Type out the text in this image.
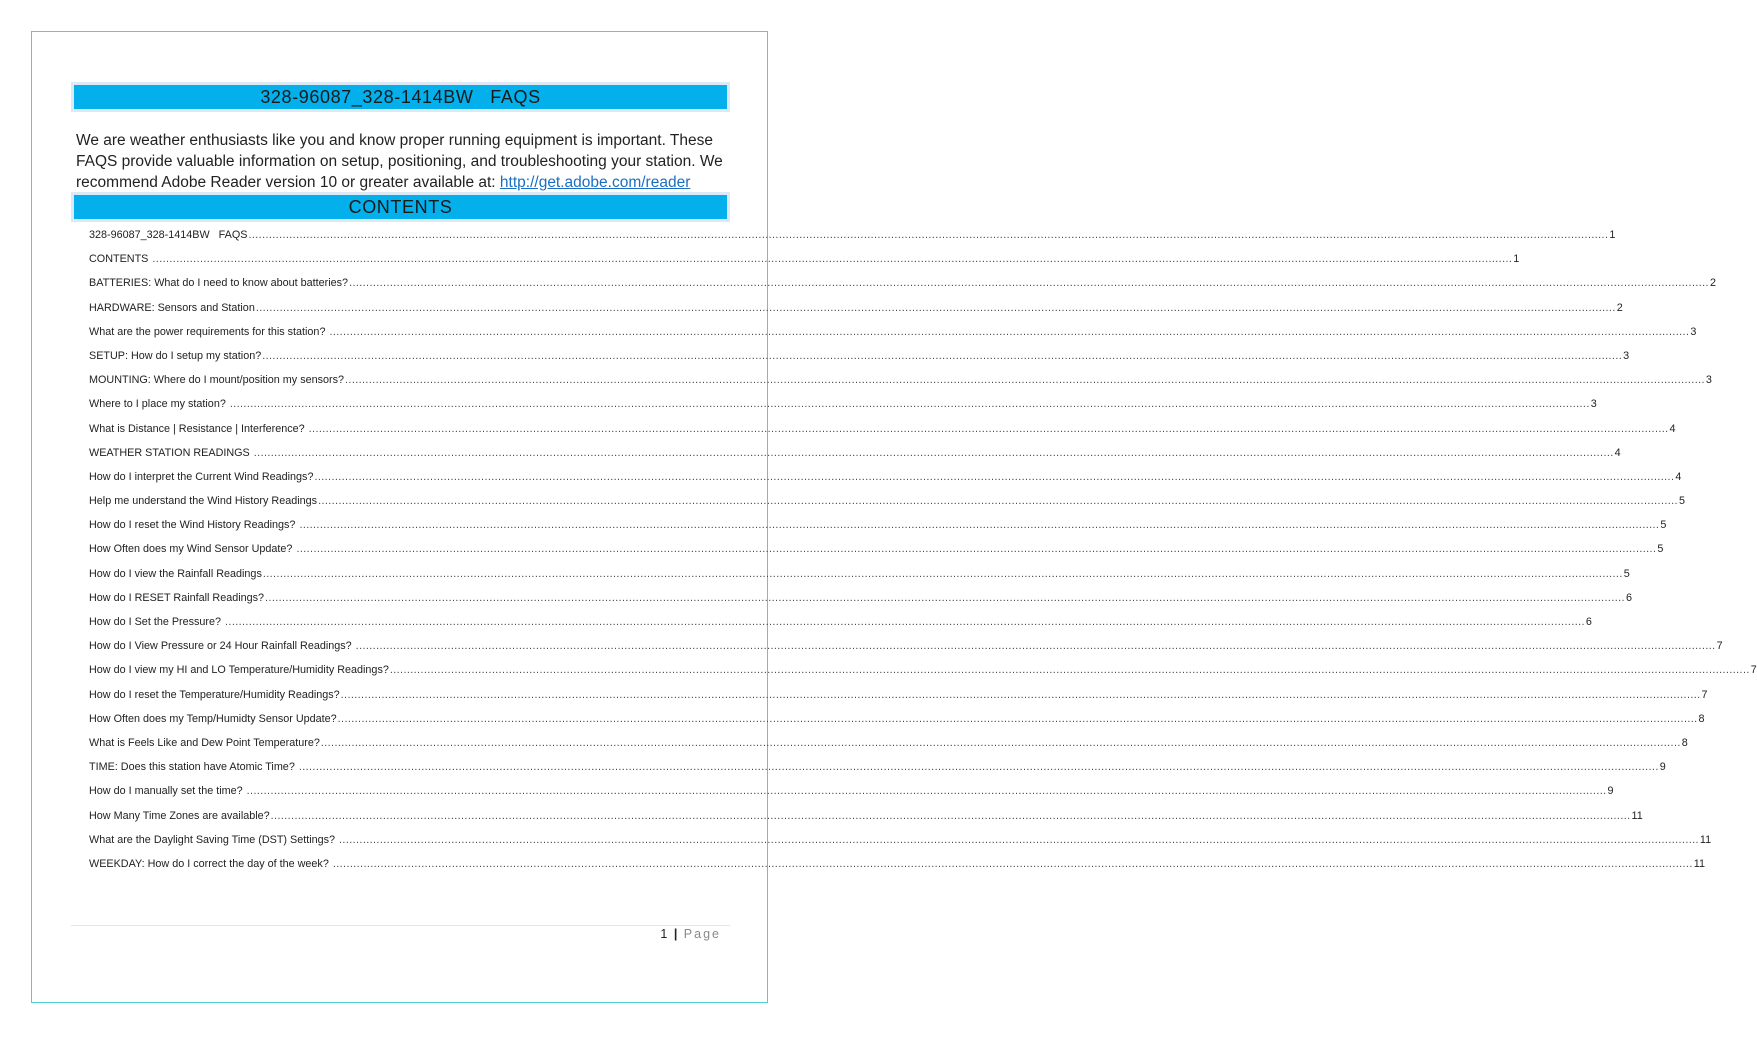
328-96087_328-1414BW   FAQS
We are weather enthusiasts like you and know proper running equipment is important. These FAQS provide valuable information on setup, positioning, and troubleshooting your station. We recommend Adobe Reader version 10 or greater available at: http://get.adobe.com/reader
CONTENTS
328-96087_328-1414BW   FAQS ................................................................................................................................................................................................................................................................................................................................................................................................................ 1
CONTENTS ................................................................................................................................................................................................................................................................................................................................................................................................................ 1
BATTERIES: What do I need to know about batteries? ................................................................................................................................................................................................................................................................................................................................................................................................................ 2
HARDWARE: Sensors and Station ................................................................................................................................................................................................................................................................................................................................................................................................................ 2
What are the power requirements for this station? ................................................................................................................................................................................................................................................................................................................................................................................................................ 3
SETUP: How do I setup my station? ................................................................................................................................................................................................................................................................................................................................................................................................................ 3
MOUNTING: Where do I mount/position my sensors? ................................................................................................................................................................................................................................................................................................................................................................................................................ 3
Where to I place my station? ................................................................................................................................................................................................................................................................................................................................................................................................................ 3
What is Distance | Resistance | Interference? ................................................................................................................................................................................................................................................................................................................................................................................................................ 4
WEATHER STATION READINGS ................................................................................................................................................................................................................................................................................................................................................................................................................ 4
How do I interpret the Current Wind Readings? ................................................................................................................................................................................................................................................................................................................................................................................................................ 4
Help me understand the Wind History Readings ................................................................................................................................................................................................................................................................................................................................................................................................................ 5
How do I reset the Wind History Readings? ................................................................................................................................................................................................................................................................................................................................................................................................................ 5
How Often does my Wind Sensor Update? ................................................................................................................................................................................................................................................................................................................................................................................................................ 5
How do I view the Rainfall Readings ................................................................................................................................................................................................................................................................................................................................................................................................................ 5
How do I RESET Rainfall Readings? ................................................................................................................................................................................................................................................................................................................................................................................................................ 6
How do I Set the Pressure? ................................................................................................................................................................................................................................................................................................................................................................................................................ 6
How do I View Pressure or 24 Hour Rainfall Readings? ................................................................................................................................................................................................................................................................................................................................................................................................................ 7
How do I view my HI and LO Temperature/Humidity Readings? ................................................................................................................................................................................................................................................................................................................................................................................................................ 7
How do I reset the Temperature/Humidity Readings? ................................................................................................................................................................................................................................................................................................................................................................................................................ 7
How Often does my Temp/Humidty Sensor Update? ................................................................................................................................................................................................................................................................................................................................................................................................................ 8
What is Feels Like and Dew Point Temperature? ................................................................................................................................................................................................................................................................................................................................................................................................................ 8
TIME: Does this station have Atomic Time? ................................................................................................................................................................................................................................................................................................................................................................................................................ 9
How do I manually set the time? ................................................................................................................................................................................................................................................................................................................................................................................................................ 9
How Many Time Zones are available? ................................................................................................................................................................................................................................................................................................................................................................................................................ 11
What are the Daylight Saving Time (DST) Settings? ................................................................................................................................................................................................................................................................................................................................................................................................................ 11
WEEKDAY: How do I correct the day of the week? ................................................................................................................................................................................................................................................................................................................................................................................................................ 11
1 | Page
